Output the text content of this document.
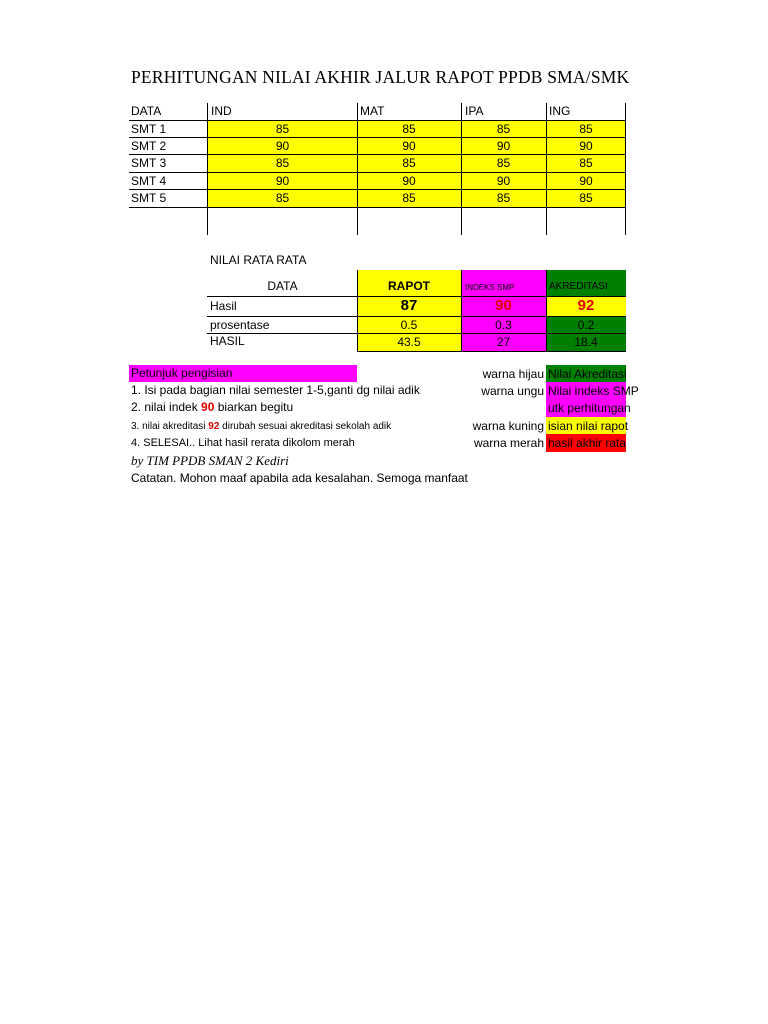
PERHITUNGAN NILAI AKHIR JALUR RAPOT PPDB SMA/SMK
DATA	IND	MAT	IPA	ING
SMT 1	85	85	85	85
SMT 2	90	90	90	90
SMT 3	85	85	85	85
SMT 4	90	90	90	90
SMT 5	85	85	85	85
NILAI RATA RATA
DATA	RAPOT	INDEKS SMP	AKREDITASI
Hasil	87	90	92
prosentase	0.5	0.3	0.2
HASIL	43.5	27	18.4
Petunjuk pengisian
1. Isi pada bagian nilai semester 1-5,ganti dg nilai adik
2. nilai indek 90 biarkan begitu
3. nilai akreditasi 92 dirubah sesuai akreditasi sekolah adik
4. SELESAI.. Lihat hasil rerata dikolom merah
by TIM PPDB SMAN 2 Kediri
Catatan. Mohon maaf apabila ada kesalahan. Semoga manfaat
warna hijau Nilai Akreditasi
warna ungu Nilai indeks SMP
utk perhitungan
warna kuning isian nilai rapot
warna merah hasil akhir rata
